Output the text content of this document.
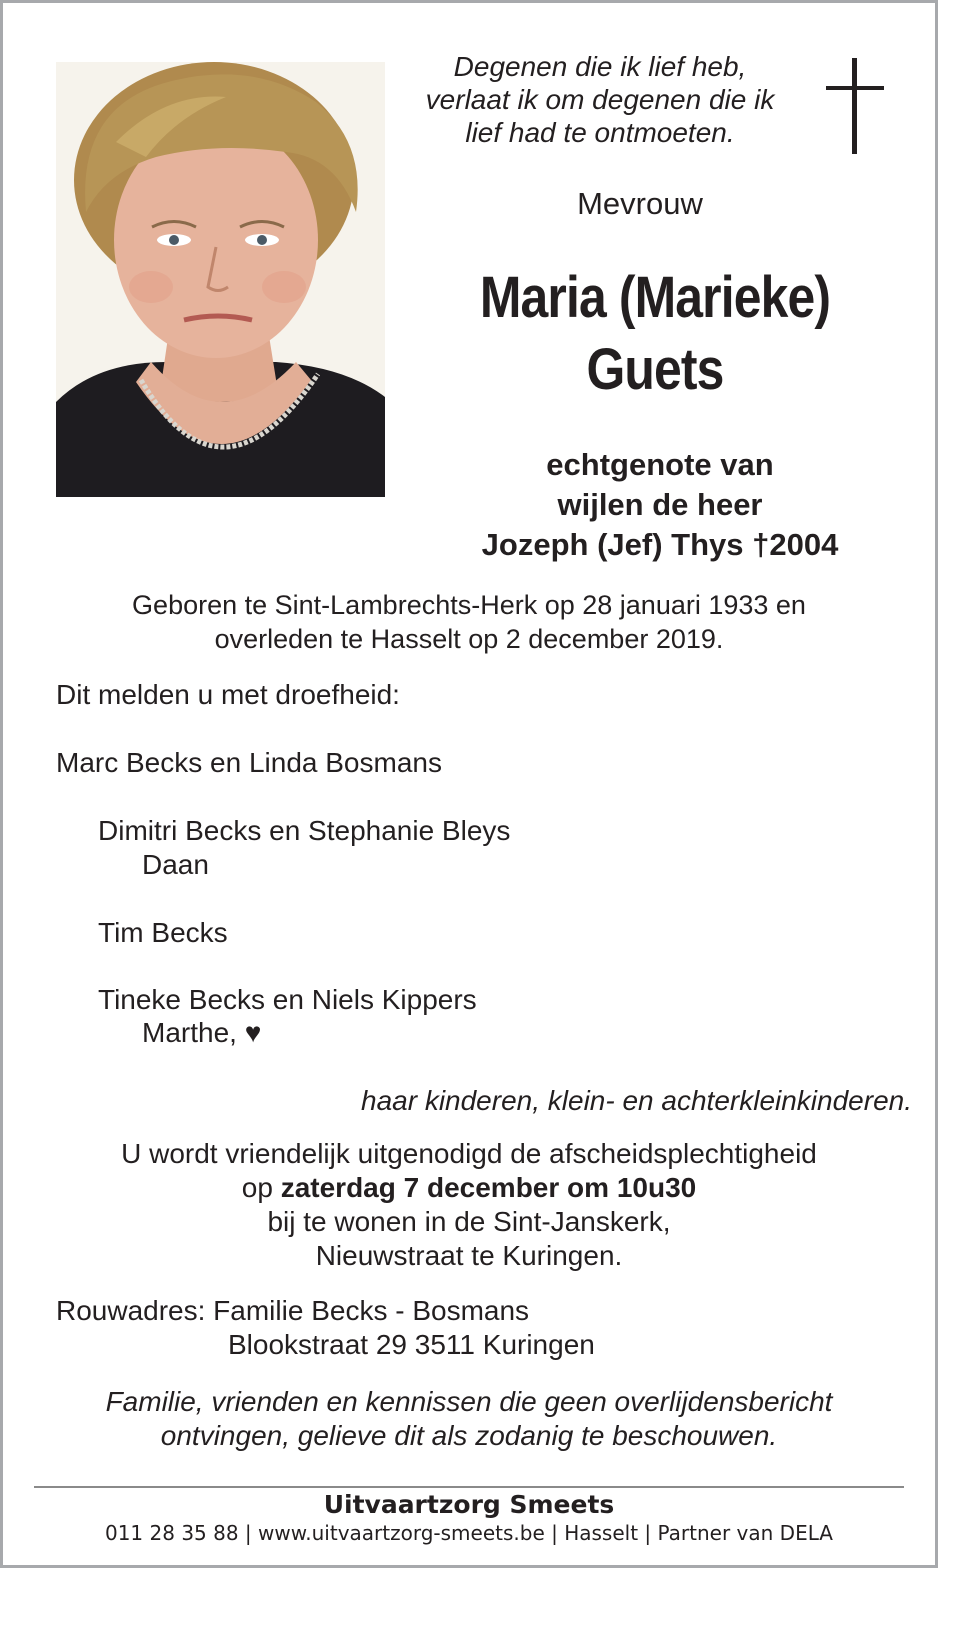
Degenen die ik lief heb,
verlaat ik om degenen die ik
lief had te ontmoeten.
Mevrouw
Maria (Marieke)
Guets
echtgenote van
wijlen de heer
Jozeph (Jef) Thys †2004
Geboren te Sint-Lambrechts-Herk op 28 januari 1933 en
overleden te Hasselt op 2 december 2019.
Dit melden u met droefheid:
Marc Becks en Linda Bosmans
Dimitri Becks en Stephanie Bleys
Daan
Tim Becks
Tineke Becks en Niels Kippers
Marthe, ♥
haar kinderen, klein- en achterkleinkinderen.
U wordt vriendelijk uitgenodigd de afscheidsplechtigheid
op zaterdag 7 december om 10u30
bij te wonen in de Sint-Janskerk,
Nieuwstraat te Kuringen.
Rouwadres: Familie Becks - Bosmans
Blookstraat 29 3511 Kuringen
Familie, vrienden en kennissen die geen overlijdensbericht
ontvingen, gelieve dit als zodanig te beschouwen.
Uitvaartzorg Smeets
011 28 35 88 | www.uitvaartzorg-smeets.be | Hasselt | Partner van DELA
